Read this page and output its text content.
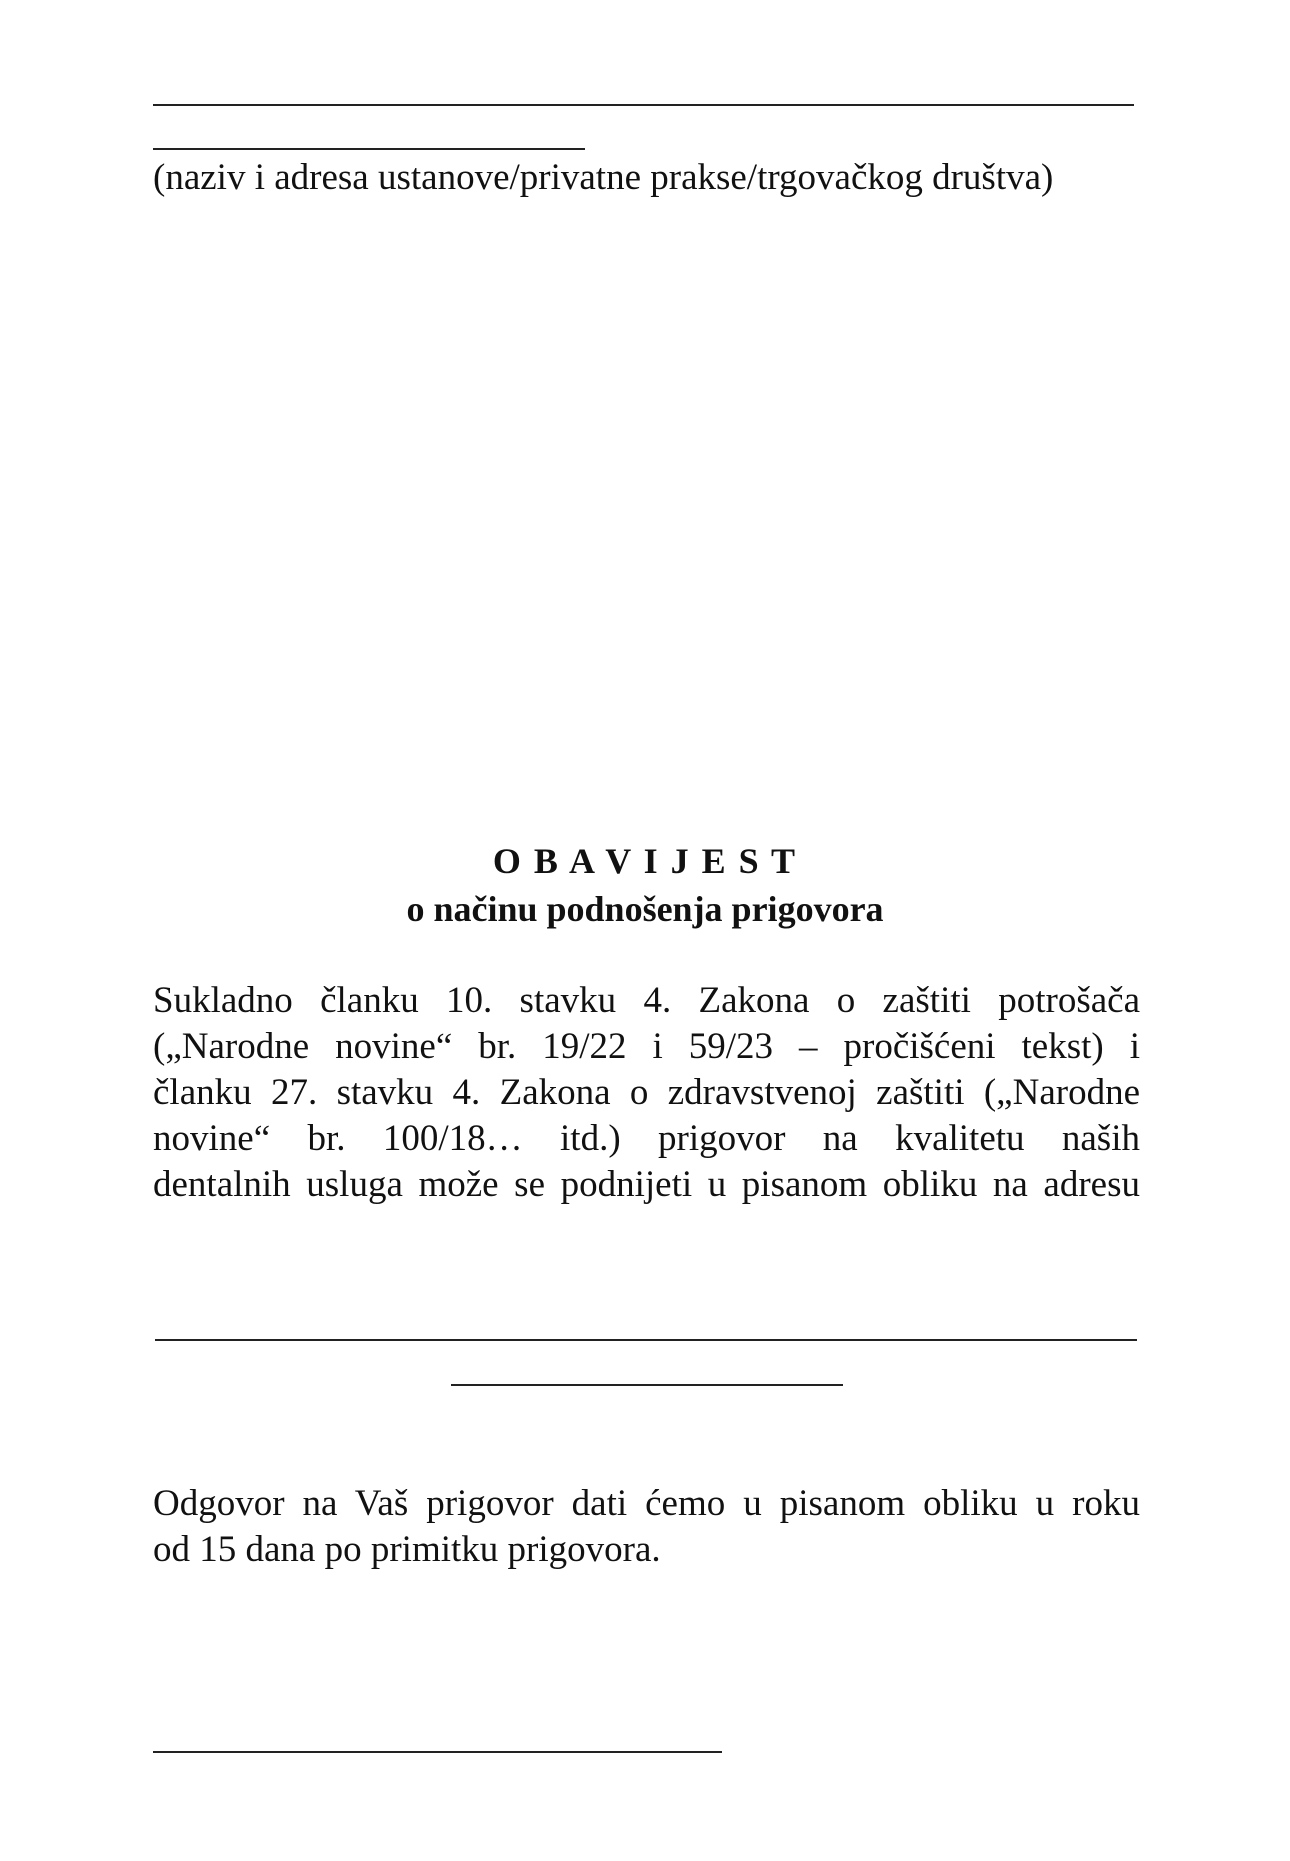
(naziv i adresa ustanove/privatne prakse/trgovačkog društva)
O B A V I J E S T
o načinu podnošenja prigovora
Sukladno članku 10. stavku 4. Zakona o zaštiti potrošača
(„Narodne novine“ br. 19/22 i 59/23 – pročišćeni tekst) i
članku 27. stavku 4. Zakona o zdravstvenoj zaštiti („Narodne
novine“ br. 100/18… itd.) prigovor na kvalitetu naših
dentalnih usluga može se podnijeti u pisanom obliku na adresu
Odgovor na Vaš prigovor dati ćemo u pisanom obliku u roku
od 15 dana po primitku prigovora.
